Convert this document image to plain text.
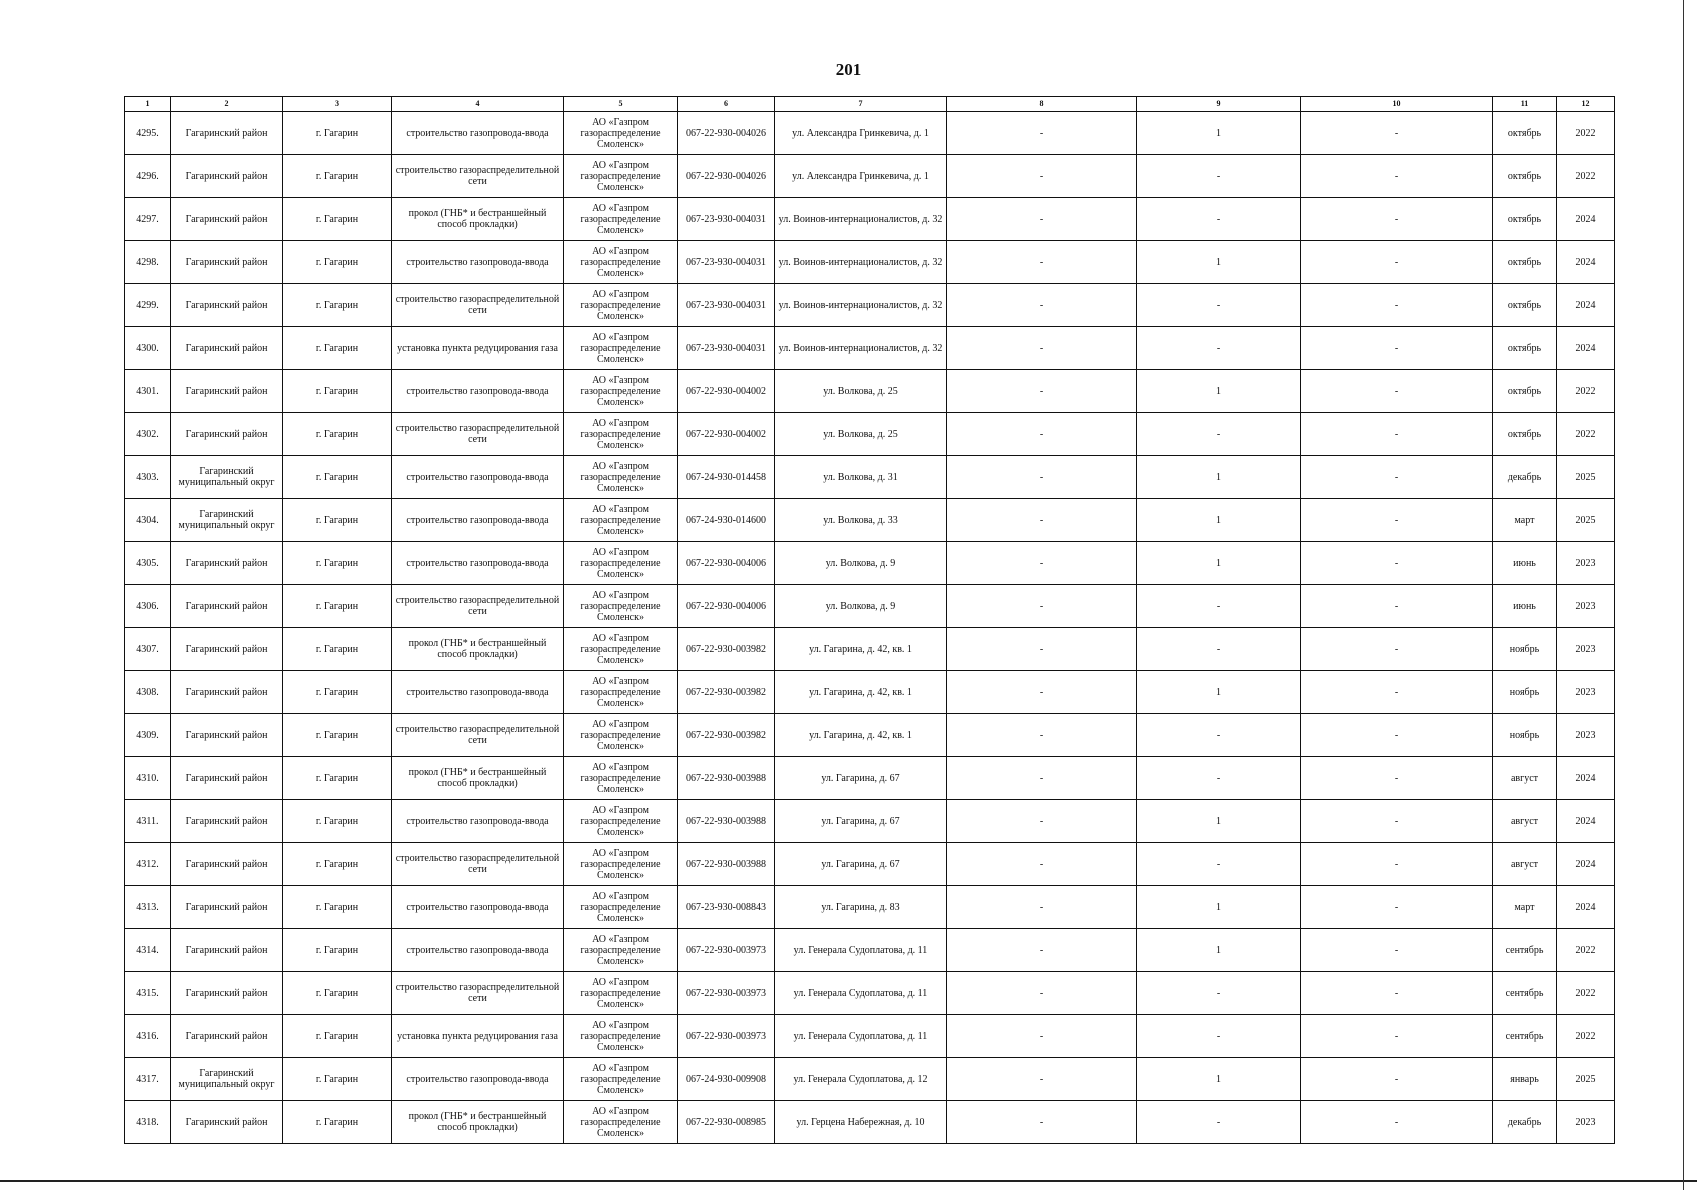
201
1	2	3	4	5	6	7	8	9	10	11	12
4295.	Гагаринский район	г. Гагарин	строительство газопровода-ввода	АО «Газпром газораспределение Смоленск»	067-22-930-004026	ул. Александра Гринкевича, д. 1	-	1	-	октябрь	2022
4296.	Гагаринский район	г. Гагарин	строительство газораспределительной сети	АО «Газпром газораспределение Смоленск»	067-22-930-004026	ул. Александра Гринкевича, д. 1	-	-	-	октябрь	2022
4297.	Гагаринский район	г. Гагарин	прокол (ГНБ* и бестраншейный способ прокладки)	АО «Газпром газораспределение Смоленск»	067-23-930-004031	ул. Воинов-интернационалистов, д. 32	-	-	-	октябрь	2024
4298.	Гагаринский район	г. Гагарин	строительство газопровода-ввода	АО «Газпром газораспределение Смоленск»	067-23-930-004031	ул. Воинов-интернационалистов, д. 32	-	1	-	октябрь	2024
4299.	Гагаринский район	г. Гагарин	строительство газораспределительной сети	АО «Газпром газораспределение Смоленск»	067-23-930-004031	ул. Воинов-интернационалистов, д. 32	-	-	-	октябрь	2024
4300.	Гагаринский район	г. Гагарин	установка пункта редуцирования газа	АО «Газпром газораспределение Смоленск»	067-23-930-004031	ул. Воинов-интернационалистов, д. 32	-	-	-	октябрь	2024
4301.	Гагаринский район	г. Гагарин	строительство газопровода-ввода	АО «Газпром газораспределение Смоленск»	067-22-930-004002	ул. Волкова, д. 25	-	1	-	октябрь	2022
4302.	Гагаринский район	г. Гагарин	строительство газораспределительной сети	АО «Газпром газораспределение Смоленск»	067-22-930-004002	ул. Волкова, д. 25	-	-	-	октябрь	2022
4303.	Гагаринский муниципальный округ	г. Гагарин	строительство газопровода-ввода	АО «Газпром газораспределение Смоленск»	067-24-930-014458	ул. Волкова, д. 31	-	1	-	декабрь	2025
4304.	Гагаринский муниципальный округ	г. Гагарин	строительство газопровода-ввода	АО «Газпром газораспределение Смоленск»	067-24-930-014600	ул. Волкова, д. 33	-	1	-	март	2025
4305.	Гагаринский район	г. Гагарин	строительство газопровода-ввода	АО «Газпром газораспределение Смоленск»	067-22-930-004006	ул. Волкова, д. 9	-	1	-	июнь	2023
4306.	Гагаринский район	г. Гагарин	строительство газораспределительной сети	АО «Газпром газораспределение Смоленск»	067-22-930-004006	ул. Волкова, д. 9	-	-	-	июнь	2023
4307.	Гагаринский район	г. Гагарин	прокол (ГНБ* и бестраншейный способ прокладки)	АО «Газпром газораспределение Смоленск»	067-22-930-003982	ул. Гагарина, д. 42, кв. 1	-	-	-	ноябрь	2023
4308.	Гагаринский район	г. Гагарин	строительство газопровода-ввода	АО «Газпром газораспределение Смоленск»	067-22-930-003982	ул. Гагарина, д. 42, кв. 1	-	1	-	ноябрь	2023
4309.	Гагаринский район	г. Гагарин	строительство газораспределительной сети	АО «Газпром газораспределение Смоленск»	067-22-930-003982	ул. Гагарина, д. 42, кв. 1	-	-	-	ноябрь	2023
4310.	Гагаринский район	г. Гагарин	прокол (ГНБ* и бестраншейный способ прокладки)	АО «Газпром газораспределение Смоленск»	067-22-930-003988	ул. Гагарина, д. 67	-	-	-	август	2024
4311.	Гагаринский район	г. Гагарин	строительство газопровода-ввода	АО «Газпром газораспределение Смоленск»	067-22-930-003988	ул. Гагарина, д. 67	-	1	-	август	2024
4312.	Гагаринский район	г. Гагарин	строительство газораспределительной сети	АО «Газпром газораспределение Смоленск»	067-22-930-003988	ул. Гагарина, д. 67	-	-	-	август	2024
4313.	Гагаринский район	г. Гагарин	строительство газопровода-ввода	АО «Газпром газораспределение Смоленск»	067-23-930-008843	ул. Гагарина, д. 83	-	1	-	март	2024
4314.	Гагаринский район	г. Гагарин	строительство газопровода-ввода	АО «Газпром газораспределение Смоленск»	067-22-930-003973	ул. Генерала Судоплатова, д. 11	-	1	-	сентябрь	2022
4315.	Гагаринский район	г. Гагарин	строительство газораспределительной сети	АО «Газпром газораспределение Смоленск»	067-22-930-003973	ул. Генерала Судоплатова, д. 11	-	-	-	сентябрь	2022
4316.	Гагаринский район	г. Гагарин	установка пункта редуцирования газа	АО «Газпром газораспределение Смоленск»	067-22-930-003973	ул. Генерала Судоплатова, д. 11	-	-	-	сентябрь	2022
4317.	Гагаринский муниципальный округ	г. Гагарин	строительство газопровода-ввода	АО «Газпром газораспределение Смоленск»	067-24-930-009908	ул. Генерала Судоплатова, д. 12	-	1	-	январь	2025
4318.	Гагаринский район	г. Гагарин	прокол (ГНБ* и бестраншейный способ прокладки)	АО «Газпром газораспределение Смоленск»	067-22-930-008985	ул. Герцена Набережная, д. 10	-	-	-	декабрь	2023
